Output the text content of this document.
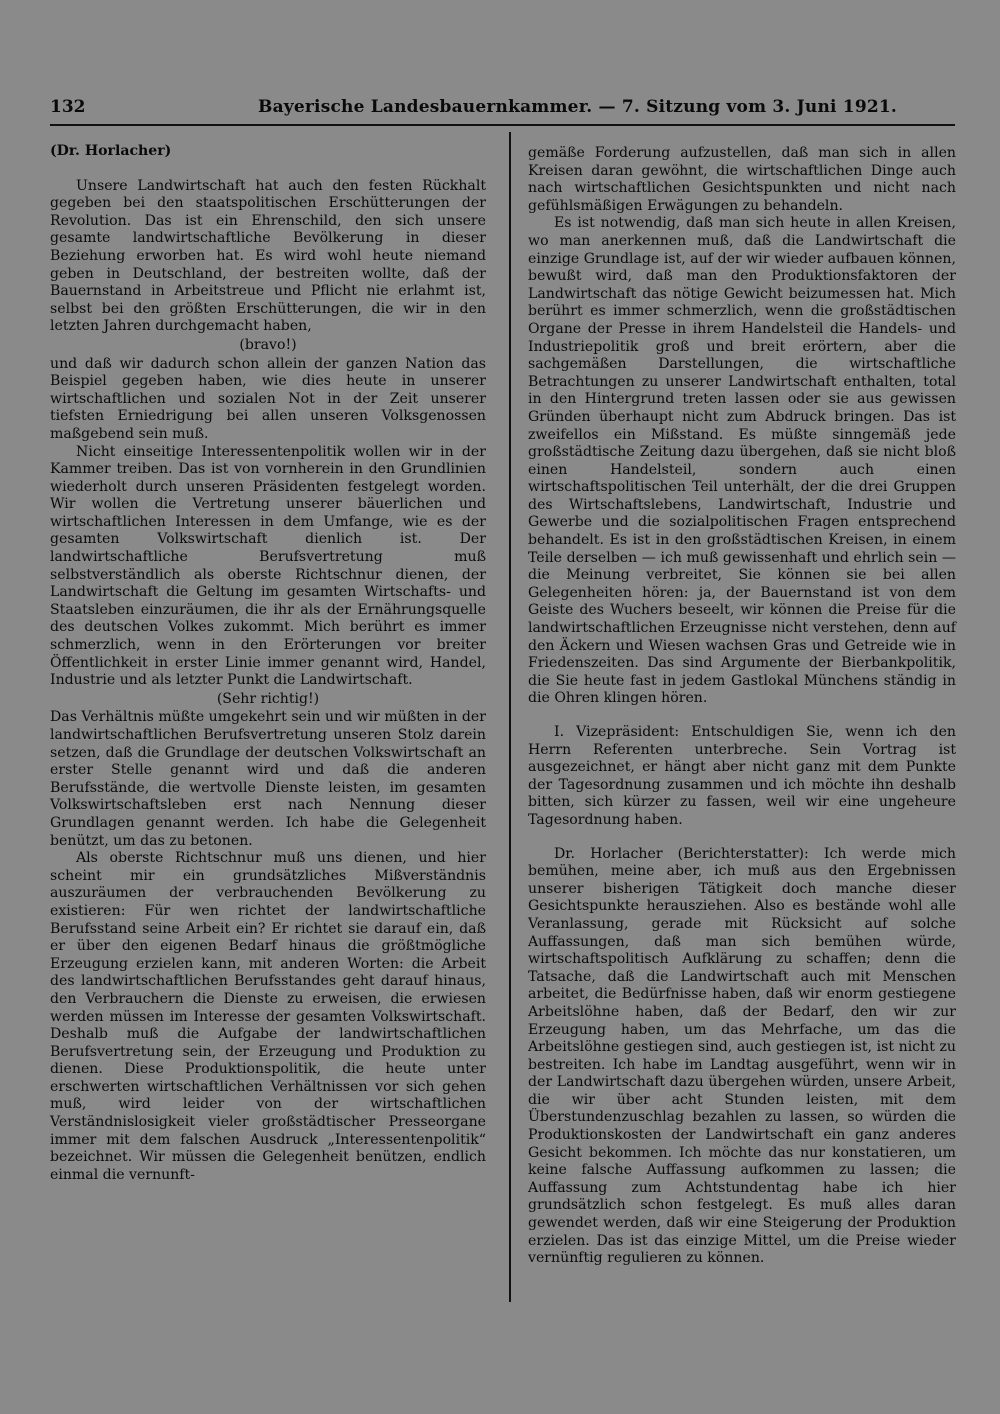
132	Bayerische Landesbauernkammer. — 7. Sitzung vom 3. Juni 1921.

(Dr. Horlacher)

Unsere Landwirtschaft hat auch den festen Rückhalt gegeben bei den staatspolitischen Erschütterungen der Revolution. Das ist ein Ehrenschild, den sich unsere gesamte landwirtschaftliche Bevölkerung in dieser Beziehung erworben hat. Es wird wohl heute niemand geben in Deutschland, der bestreiten wollte, daß der Bauernstand in Arbeitstreue und Pflicht nie erlahmt ist, selbst bei den größten Erschütterungen, die wir in den letzten Jahren durchgemacht haben,

(bravo!)

und daß wir dadurch schon allein der ganzen Nation das Beispiel gegeben haben, wie dies heute in unserer wirtschaftlichen und sozialen Not in der Zeit unserer tiefsten Erniedrigung bei allen unseren Volksgenossen maßgebend sein muß.

Nicht einseitige Interessentenpolitik wollen wir in der Kammer treiben. Das ist von vornherein in den Grundlinien wiederholt durch unseren Präsidenten festgelegt worden. Wir wollen die Vertretung unserer bäuerlichen und wirtschaftlichen Interessen in dem Umfange, wie es der gesamten Volkswirtschaft dienlich ist. Der landwirtschaftliche Berufsvertretung muß selbstverständlich als oberste Richtschnur dienen, der Landwirtschaft die Geltung im gesamten Wirtschafts- und Staatsleben einzuräumen, die ihr als der Ernährungsquelle des deutschen Volkes zukommt. Mich berührt es immer schmerzlich, wenn in den Erörterungen vor breiter Öffentlichkeit in erster Linie immer genannt wird, Handel, Industrie und als letzter Punkt die Landwirtschaft.

(Sehr richtig!)

Das Verhältnis müßte umgekehrt sein und wir müßten in der landwirtschaftlichen Berufsvertretung unseren Stolz darein setzen, daß die Grundlage der deutschen Volkswirtschaft an erster Stelle genannt wird und daß die anderen Berufsstände, die wertvolle Dienste leisten, im gesamten Volkswirtschaftsleben erst nach Nennung dieser Grundlagen genannt werden. Ich habe die Gelegenheit benützt, um das zu betonen.

Als oberste Richtschnur muß uns dienen, und hier scheint mir ein grundsätzliches Mißverständnis auszuräumen der verbrauchenden Bevölkerung zu existieren: Für wen richtet der landwirtschaftliche Berufsstand seine Arbeit ein? Er richtet sie darauf ein, daß er über den eigenen Bedarf hinaus die größtmögliche Erzeugung erzielen kann, mit anderen Worten: die Arbeit des landwirtschaftlichen Berufsstandes geht darauf hinaus, den Verbrauchern die Dienste zu erweisen, die erwiesen werden müssen im Interesse der gesamten Volkswirtschaft. Deshalb muß die Aufgabe der landwirtschaftlichen Berufsvertretung sein, der Erzeugung und Produktion zu dienen. Diese Produktionspolitik, die heute unter erschwerten wirtschaftlichen Verhältnissen vor sich gehen muß, wird leider von der wirtschaftlichen Verständnislosigkeit vieler großstädtischer Presseorgane immer mit dem falschen Ausdruck „Interessentenpolitik“ bezeichnet. Wir müssen die Gelegenheit benützen, endlich einmal die vernunft-

gemäße Forderung aufzustellen, daß man sich in allen Kreisen daran gewöhnt, die wirtschaftlichen Dinge auch nach wirtschaftlichen Gesichtspunkten und nicht nach gefühlsmäßigen Erwägungen zu behandeln.

Es ist notwendig, daß man sich heute in allen Kreisen, wo man anerkennen muß, daß die Landwirtschaft die einzige Grundlage ist, auf der wir wieder aufbauen können, bewußt wird, daß man den Produktionsfaktoren der Landwirtschaft das nötige Gewicht beizumessen hat. Mich berührt es immer schmerzlich, wenn die großstädtischen Organe der Presse in ihrem Handelsteil die Handels- und Industriepolitik groß und breit erörtern, aber die sachgemäßen Darstellungen, die wirtschaftliche Betrachtungen zu unserer Landwirtschaft enthalten, total in den Hintergrund treten lassen oder sie aus gewissen Gründen überhaupt nicht zum Abdruck bringen. Das ist zweifellos ein Mißstand. Es müßte sinngemäß jede großstädtische Zeitung dazu übergehen, daß sie nicht bloß einen Handelsteil, sondern auch einen wirtschaftspolitischen Teil unterhält, der die drei Gruppen des Wirtschaftslebens, Landwirtschaft, Industrie und Gewerbe und die sozialpolitischen Fragen entsprechend behandelt. Es ist in den großstädtischen Kreisen, in einem Teile derselben — ich muß gewissenhaft und ehrlich sein — die Meinung verbreitet, Sie können sie bei allen Gelegenheiten hören: ja, der Bauernstand ist von dem Geiste des Wuchers beseelt, wir können die Preise für die landwirtschaftlichen Erzeugnisse nicht verstehen, denn auf den Äckern und Wiesen wachsen Gras und Getreide wie in Friedenszeiten. Das sind Argumente der Bierbankpolitik, die Sie heute fast in jedem Gastlokal Münchens ständig in die Ohren klingen hören.

I. Vizepräsident: Entschuldigen Sie, wenn ich den Herrn Referenten unterbreche. Sein Vortrag ist ausgezeichnet, er hängt aber nicht ganz mit dem Punkte der Tagesordnung zusammen und ich möchte ihn deshalb bitten, sich kürzer zu fassen, weil wir eine ungeheure Tagesordnung haben.

Dr. Horlacher (Berichterstatter): Ich werde mich bemühen, meine aber, ich muß aus den Ergebnissen unserer bisherigen Tätigkeit doch manche dieser Gesichtspunkte herausziehen. Also es bestände wohl alle Veranlassung, gerade mit Rücksicht auf solche Auffassungen, daß man sich bemühen würde, wirtschaftspolitisch Aufklärung zu schaffen; denn die Tatsache, daß die Landwirtschaft auch mit Menschen arbeitet, die Bedürfnisse haben, daß wir enorm gestiegene Arbeitslöhne haben, daß der Bedarf, den wir zur Erzeugung haben, um das Mehrfache, um das die Arbeitslöhne gestiegen sind, auch gestiegen ist, ist nicht zu bestreiten. Ich habe im Landtag ausgeführt, wenn wir in der Landwirtschaft dazu übergehen würden, unsere Arbeit, die wir über acht Stunden leisten, mit dem Überstundenzuschlag bezahlen zu lassen, so würden die Produktionskosten der Landwirtschaft ein ganz anderes Gesicht bekommen. Ich möchte das nur konstatieren, um keine falsche Auffassung aufkommen zu lassen; die Auffassung zum Achtstundentag habe ich hier grundsätzlich schon festgelegt. Es muß alles daran gewendet werden, daß wir eine Steigerung der Produktion erzielen. Das ist das einzige Mittel, um die Preise wieder vernünftig regulieren zu können.
